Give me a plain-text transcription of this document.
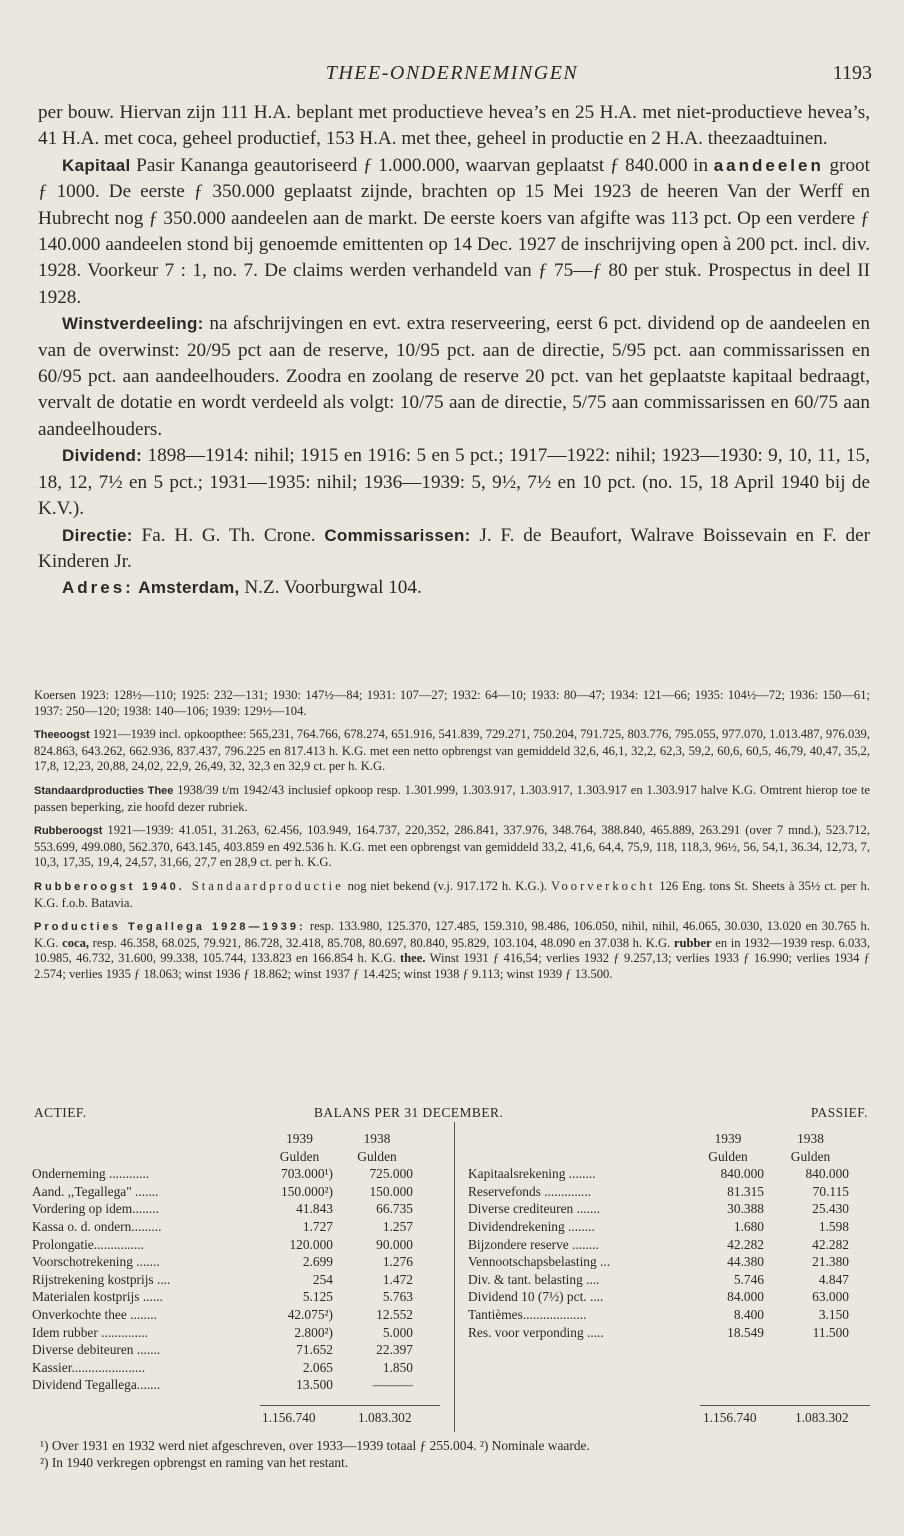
THEE-ONDERNEMINGEN	1193

per bouw. Hiervan zijn 111 H.A. beplant met productieve hevea’s en 25 H.A. met niet-productieve hevea’s, 41 H.A. met coca, geheel productief, 153 H.A. met thee, geheel in productie en 2 H.A. theezaadtuinen.

Kapitaal Pasir Kananga geautoriseerd ƒ 1.000.000, waarvan geplaatst ƒ 840.000 in aandeelen groot ƒ 1000. De eerste ƒ 350.000 geplaatst zijnde, brachten op 15 Mei 1923 de heeren Van der Werff en Hubrecht nog ƒ 350.000 aandeelen aan de markt. De eerste koers van afgifte was 113 pct. Op een verdere ƒ 140.000 aandeelen stond bij genoemde emittenten op 14 Dec. 1927 de inschrijving open à 200 pct. incl. div. 1928. Voorkeur 7 : 1, no. 7. De claims werden verhandeld van ƒ 75—ƒ 80 per stuk. Prospectus in deel II 1928.

Winstverdeeling: na afschrijvingen en evt. extra reserveering, eerst 6 pct. dividend op de aandeelen en van de overwinst: 20/95 pct aan de reserve, 10/95 pct. aan de directie, 5/95 pct. aan commissarissen en 60/95 pct. aan aandeelhouders. Zoodra en zoolang de reserve 20 pct. van het geplaatste kapitaal bedraagt, vervalt de dotatie en wordt verdeeld als volgt: 10/75 aan de directie, 5/75 aan commissarissen en 60/75 aan aandeelhouders.

Dividend: 1898—1914: nihil; 1915 en 1916: 5 en 5 pct.; 1917—1922: nihil; 1923—1930: 9, 10, 11, 15, 18, 12, 7½ en 5 pct.; 1931—1935: nihil; 1936—1939: 5, 9½, 7½ en 10 pct. (no. 15, 18 April 1940 bij de K.V.).

Directie: Fa. H. G. Th. Crone. Commissarissen: J. F. de Beaufort, Walrave Boissevain en F. der Kinderen Jr.

Adres: Amsterdam, N.Z. Voorburgwal 104.

Koersen 1923: 128½—110; 1925: 232—131; 1930: 147½—84; 1931: 107—27; 1932: 64—10; 1933: 80—47; 1934: 121—66; 1935: 104½—72; 1936: 150—61; 1937: 250—120; 1938: 140—106; 1939: 129½—104.

Theeoogst 1921—1939 incl. opkoopthee: 565,231, 764.766, 678.274, 651.916, 541.839, 729.271, 750.204, 791.725, 803.776, 795.055, 977.070, 1.013.487, 976.039, 824.863, 643.262, 662.936, 837.437, 796.225 en 817.413 h. K.G. met een netto opbrengst van gemiddeld 32,6, 46,1, 32,2, 62,3, 59,2, 60,6, 60,5, 46,79, 40,47, 35,2, 17,8, 12,23, 20,88, 24,02, 22,9, 26,49, 32, 32,3 en 32,9 ct. per h. K.G.

Standaardproducties Thee 1938/39 t/m 1942/43 inclusief opkoop resp. 1.301.999, 1.303.917, 1.303.917, 1.303.917 en 1.303.917 halve K.G. Omtrent hierop toe te passen beperking, zie hoofd dezer rubriek.

Rubberoogst 1921—1939: 41.051, 31.263, 62.456, 103.949, 164.737, 220,352, 286.841, 337.976, 348.764, 388.840, 465.889, 263.291 (over 7 mnd.), 523.712, 553.699, 499.080, 562.370, 643.145, 403.859 en 492.536 h. K.G. met een opbrengst van gemiddeld 33,2, 41,6, 64,4, 75,9, 118, 118,3, 96½, 56, 54,1, 36.34, 12,73, 7, 10,3, 17,35, 19,4, 24,57, 31,66, 27,7 en 28,9 ct. per h. K.G.

Rubberoogst 1940. Standaardproductie nog niet bekend (v.j. 917.172 h. K.G.). Voorverkocht 126 Eng. tons St. Sheets à 35½ ct. per h. K.G. f.o.b. Batavia.

Producties Tegallega 1928—1939: resp. 133.980, 125.370, 127.485, 159.310, 98.486, 106.050, nihil, nihil, 46.065, 30.030, 13.020 en 30.765 h. K.G. coca, resp. 46.358, 68.025, 79.921, 86.728, 32.418, 85.708, 80.697, 80.840, 95.829, 103.104, 48.090 en 37.038 h. K.G. rubber en in 1932—1939 resp. 6.033, 10.985, 46.732, 31.600, 99.338, 105.744, 133.823 en 166.854 h. K.G. thee. Winst 1931 ƒ 416,54; verlies 1932 ƒ 9.257,13; verlies 1933 ƒ 16.990; verlies 1934 ƒ 2.574; verlies 1935 ƒ 18.063; winst 1936 ƒ 18.862; winst 1937 ƒ 14.425; winst 1938 ƒ 9.113; winst 1939 ƒ 13.500.

ACTIEF.	BALANS PER 31 DECEMBER.	PASSIEF.
	1939	1938
	Gulden	Gulden
Onderneming ............	703.000¹)	725.000
Aand. ,,Tegallega" .......	150.000²)	150.000
Vordering op idem........	41.843	66.735
Kassa o. d. ondern.........	1.727	1.257
Prolongatie...............	120.000	90.000
Voorschotrekening .......	2.699	1.276
Rijstrekening kostprijs ....	254	1.472
Materialen kostprijs ......	5.125	5.763
Onverkochte thee ........	42.075²)	12.552
Idem rubber ..............	2.800²)	5.000
Diverse debiteuren .......	71.652	22.397
Kassier......................	2.065	1.850
Dividend Tegallega.......	13.500	———
	1939	1938
	Gulden	Gulden
Kapitaalsrekening ........	840.000	840.000
Reservefonds ..............	81.315	70.115
Diverse crediteuren .......	30.388	25.430
Dividendrekening ........	1.680	1.598
Bijzondere reserve ........	42.282	42.282
Vennootschapsbelasting ...	44.380	21.380
Div. & tant. belasting ....	5.746	4.847
Dividend 10 (7½) pct. ....	84.000	63.000
Tantièmes...................	8.400	3.150
Res. voor verponding .....	18.549	11.500
1.156.740	1.083.302	1.156.740	1.083.302
¹) Over 1931 en 1932 werd niet afgeschreven, over 1933—1939 totaal ƒ 255.004. ²) Nominale waarde.
²) In 1940 verkregen opbrengst en raming van het restant.
